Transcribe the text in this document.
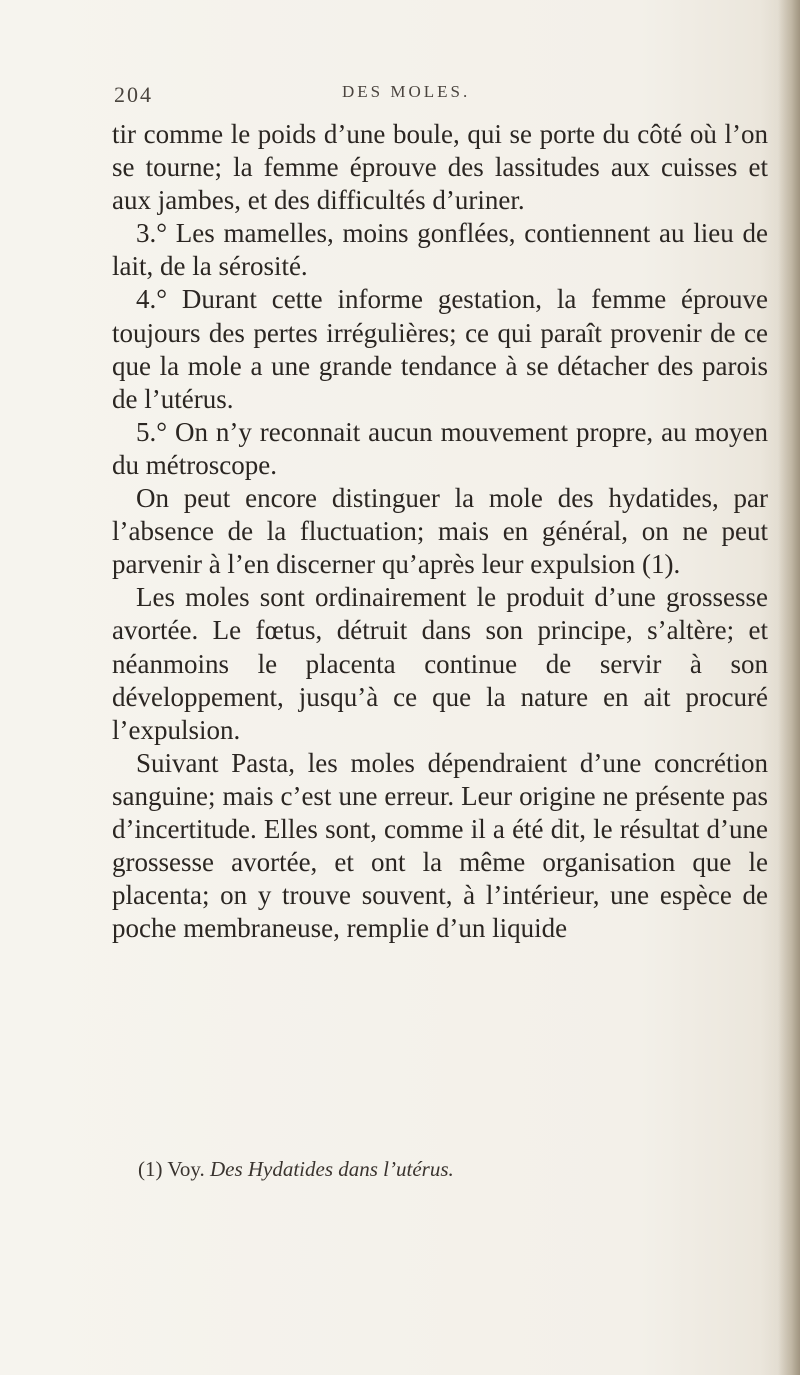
204	DES MOLES.

tir comme le poids d’une boule, qui se porte du côté où l’on se tourne; la femme éprouve des lassitudes aux cuisses et aux jambes, et des difficultés d’uriner.

3.° Les mamelles, moins gonflées, contiennent au lieu de lait, de la sérosité.

4.° Durant cette informe gestation, la femme éprouve toujours des pertes irrégulières; ce qui paraît provenir de ce que la mole a une grande tendance à se détacher des parois de l’utérus.

5.° On n’y reconnait aucun mouvement propre, au moyen du métroscope.

On peut encore distinguer la mole des hydatides, par l’absence de la fluctuation; mais en général, on ne peut parvenir à l’en discerner qu’après leur expulsion (1).

Les moles sont ordinairement le produit d’une grossesse avortée. Le fœtus, détruit dans son principe, s’altère; et néanmoins le placenta continue de servir à son développement, jusqu’à ce que la nature en ait procuré l’expulsion.

Suivant Pasta, les moles dépendraient d’une concrétion sanguine; mais c’est une erreur. Leur origine ne présente pas d’incertitude. Elles sont, comme il a été dit, le résultat d’une grossesse avortée, et ont la même organisation que le placenta; on y trouve souvent, à l’intérieur, une espèce de poche membraneuse, remplie d’un liquide

(1) Voy. Des Hydatides dans l’utérus.
